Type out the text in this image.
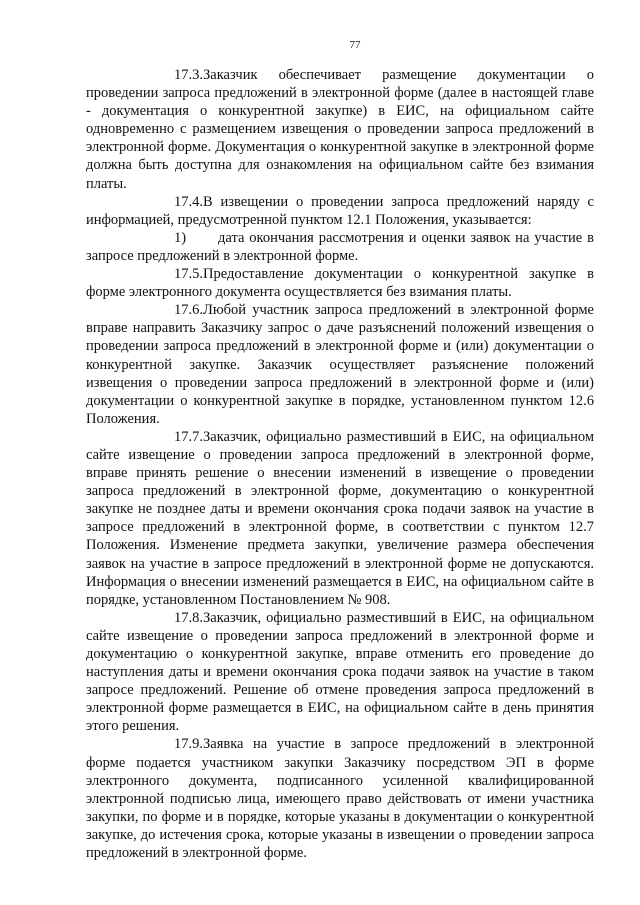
77

17.3.Заказчик обеспечивает размещение документации о проведении запроса предложений в электронной форме (далее в настоящей главе - документация о конкурентной закупке) в ЕИС, на официальном сайте одновременно с размещением извещения о проведении запроса предложений в электронной форме. Документация о конкурентной закупке в электронной форме должна быть доступна для ознакомления на официальном сайте без взимания платы.

17.4.В извещении о проведении запроса предложений наряду с информацией, предусмотренной пунктом 12.1 Положения, указывается:

1) дата окончания рассмотрения и оценки заявок на участие в запросе предложений в электронной форме.

17.5.Предоставление документации о конкурентной закупке в форме электронного документа осуществляется без взимания платы.

17.6.Любой участник запроса предложений в электронной форме вправе направить Заказчику запрос о даче разъяснений положений извещения о проведении запроса предложений в электронной форме и (или) документации о конкурентной закупке. Заказчик осуществляет разъяснение положений извещения о проведении запроса предложений в электронной форме и (или) документации о конкурентной закупке в порядке, установленном пунктом 12.6 Положения.

17.7.Заказчик, официально разместивший в ЕИС, на официальном сайте извещение о проведении запроса предложений в электронной форме, вправе принять решение о внесении изменений в извещение о проведении запроса предложений в электронной форме, документацию о конкурентной закупке не позднее даты и времени окончания срока подачи заявок на участие в запросе предложений в электронной форме, в соответствии с пунктом 12.7 Положения. Изменение предмета закупки, увеличение размера обеспечения заявок на участие в запросе предложений в электронной форме не допускаются. Информация о внесении изменений размещается в ЕИС, на официальном сайте в порядке, установленном Постановлением № 908.

17.8.Заказчик, официально разместивший в ЕИС, на официальном сайте извещение о проведении запроса предложений в электронной форме и документацию о конкурентной закупке, вправе отменить его проведение до наступления даты и времени окончания срока подачи заявок на участие в таком запросе предложений. Решение об отмене проведения запроса предложений в электронной форме размещается в ЕИС, на официальном сайте в день принятия этого решения.

17.9.Заявка на участие в запросе предложений в электронной форме подается участником закупки Заказчику посредством ЭП в форме электронного документа, подписанного усиленной квалифицированной электронной подписью лица, имеющего право действовать от имени участника закупки, по форме и в порядке, которые указаны в документации о конкурентной закупке, до истечения срока, которые указаны в извещении о проведении запроса предложений в электронной форме.
